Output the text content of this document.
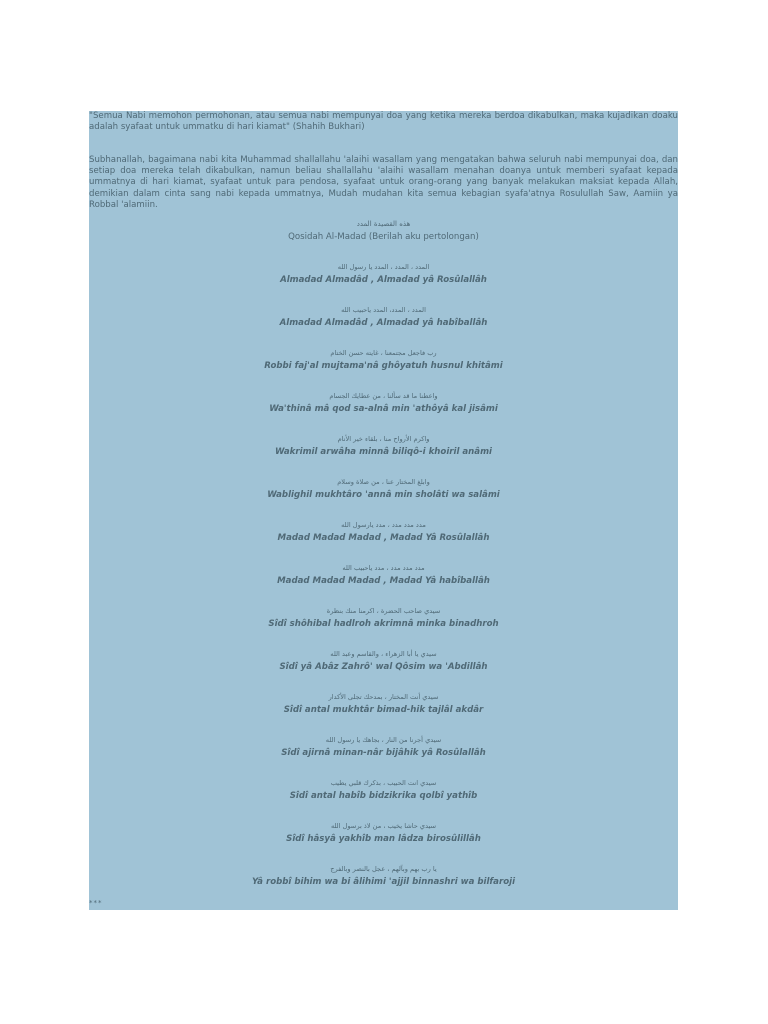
"Semua Nabi memohon permohonan, atau semua nabi mempunyai doa yang ketika mereka berdoa dikabulkan, maka kujadikan doaku adalah syafaat untuk ummatku di hari kiamat" (Shahih Bukhari)

Subhanallah, bagaimana nabi kita Muhammad shallallahu 'alaihi wasallam yang mengatakan bahwa seluruh nabi mempunyai doa, dan setiap doa mereka telah dikabulkan, namun beliau shallallahu 'alaihi wasallam menahan doanya untuk memberi syafaat kepada ummatnya di hari kiamat, syafaat untuk para pendosa, syafaat untuk orang-orang yang banyak melakukan maksiat kepada Allah, demikian dalam cinta sang nabi kepada ummatnya, Mudah mudahan kita semua kebagian syafa'atnya Rosulullah Saw, Aamiin ya Robbal 'alamiin.

هذه القصيدة المدد
Qosidah Al-Madad (Berilah aku pertolongan)
المدد ، المدد ، المدد يا رسول الله
Almadad Almadâd , Almadad yâ Rosûlallâh
المدد ، المدد، المدد ياحبيب الله
Almadad Almadâd , Almadad yâ habîballâh
رب فاجعل مجتمعنا ، غايته حسن الختام
Robbi faj'al mujtama'nâ ghôyatuh husnul khitâmi
واعطنا ما قد سألنا ، من عطايك الجسام
Wa'thinâ mâ qod sa-alnâ min 'athôyâ kal jisâmi
واكرم الأرواح منا ، بلقاء خير الأنام
Wakrimil arwâha minnâ biliqô-i khoiril anâmi
وابلغ المختار عنا ، من صلاة وسلام
Wablighil mukhtâro 'annâ min sholâti wa salâmi
مدد مدد مدد ، مدد يارسول الله
Madad Madad Madad , Madad Yâ Rosûlallâh
مدد مدد مدد ، مدد ياحبيب الله
Madad Madad Madad , Madad Yâ habîballâh
سيدي صاحب الحضرة ، اكرمنا منك بنظرة
Sîdî shôhibal hadlroh akrimnâ minka binadhroh
سيدي يا أبا الزهراء ، والقاسم وعبد الله
Sîdî yâ Abâz Zahrô' wal Qôsim wa 'Abdillâh
سيدي أنت المختار ، بمدحك تجلى الأكدار
Sîdî antal mukhtâr bimad-hik tajlâl akdâr
سيدي أجرنا من النار ، بجاهك يا رسول الله
Sîdî ajirnâ minan-nâr bijâhik yâ Rosûlallâh
سيدي انت الحبيب ، بذكرك قلبي يطيب
Sîdî antal habîb bidzikrika qolbî yathîb
سيدي حاشا يخيب ، من لاذ برسول الله
Sîdî hâsyâ yakhîb man lâdza birosûlillâh
يا رب بهم وبآلهم ، عجل بالنصر وبالفرج
Yâ robbî bihim wa bi âlihimi 'ajjil binnashri wa bilfaroji
***
